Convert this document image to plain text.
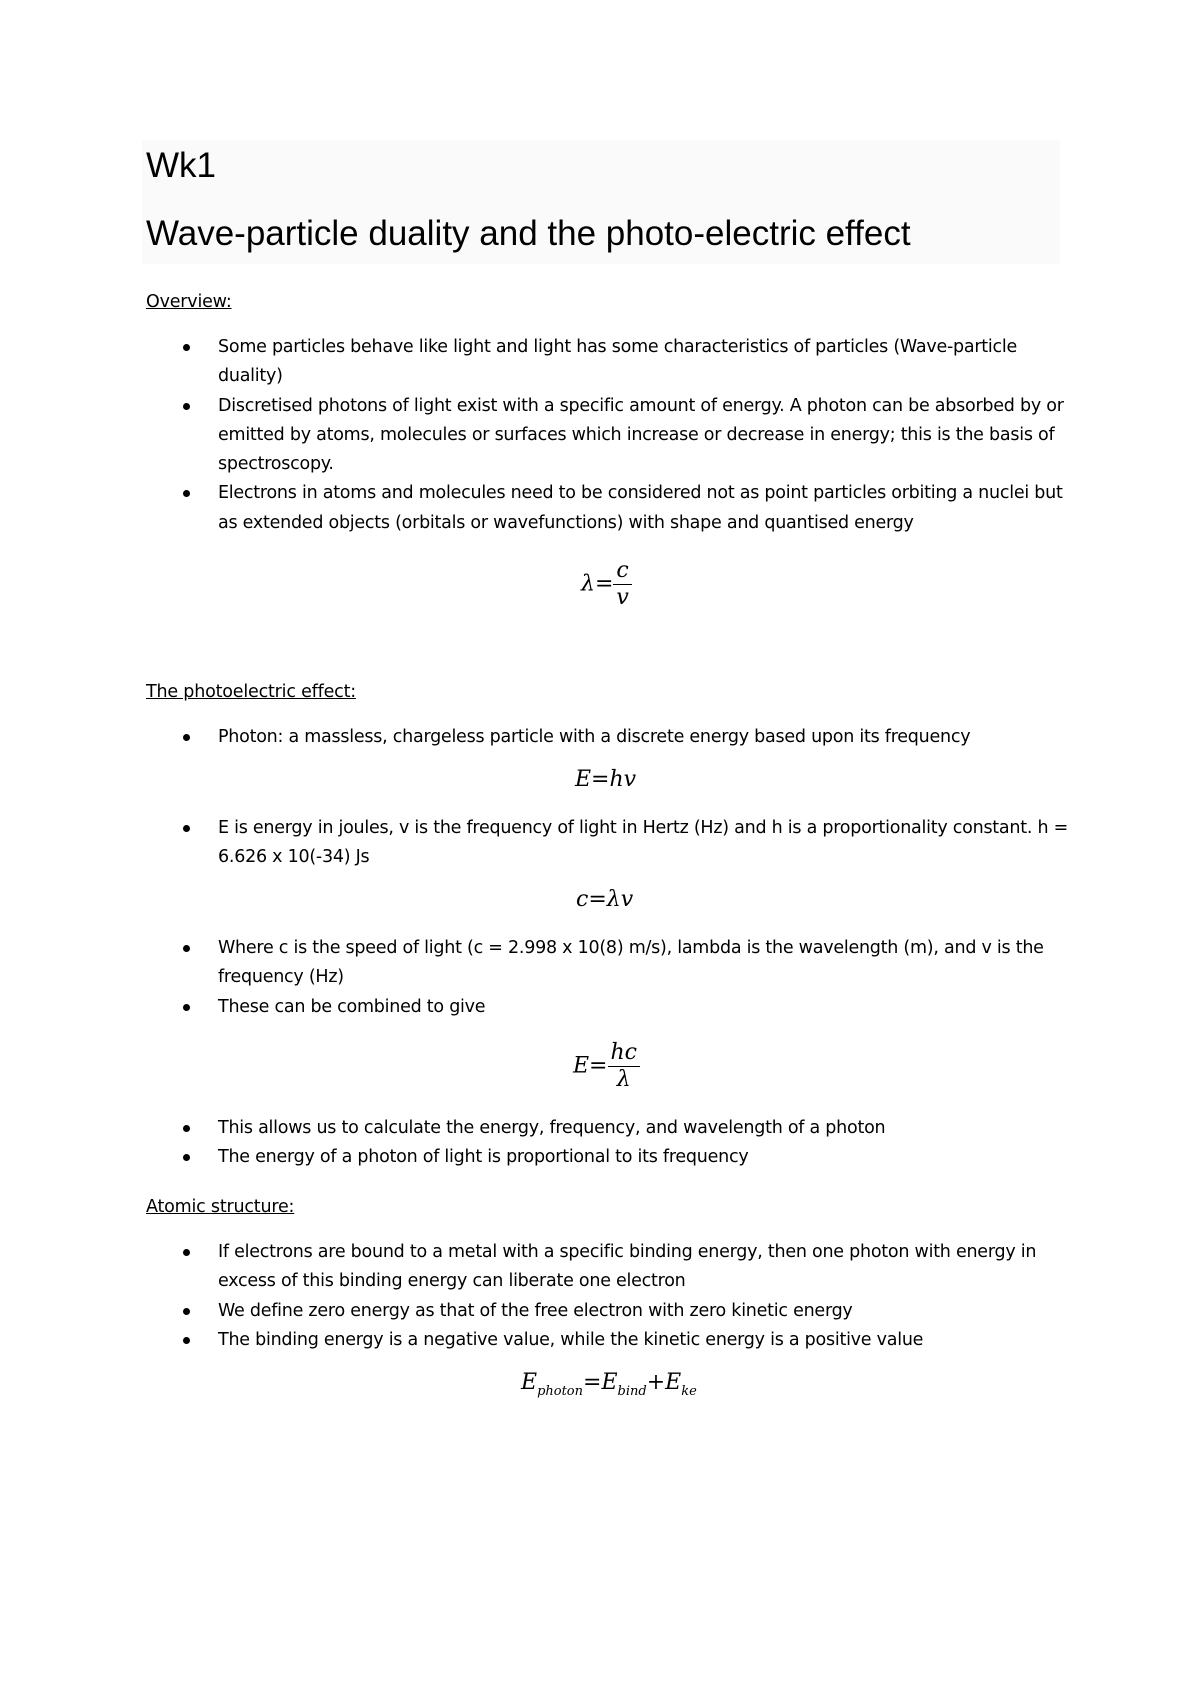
Wk1
Wave-particle duality and the photo-electric effect

Overview:

Some particles behave like light and light has some characteristics of particles (Wave-particle duality)
Discretised photons of light exist with a specific amount of energy. A photon can be absorbed by or emitted by atoms, molecules or surfaces which increase or decrease in energy; this is the basis of spectroscopy.
Electrons in atoms and molecules need to be considered not as point particles orbiting a nuclei but as extended objects (orbitals or wavefunctions) with shape and quantised energy
$\lambda= \frac{c}{v}$

The photoelectric effect:

Photon: a massless, chargeless particle with a discrete energy based upon its frequency
E=hv
E is energy in joules, v is the frequency of light in Hertz (Hz) and h is a proportionality constant. h = 6.626 x 10(-34) Js
c=λv
Where c is the speed of light (c = 2.998 x 10(8) m/s), lambda is the wavelength (m), and v is the frequency (Hz)
These can be combined to give
$E= \frac{hc}{\lambda}$
This allows us to calculate the energy, frequency, and wavelength of a photon
The energy of a photon of light is proportional to its frequency

Atomic structure:

If electrons are bound to a metal with a specific binding energy, then one photon with energy in excess of this binding energy can liberate one electron
We define zero energy as that of the free electron with zero kinetic energy
The binding energy is a negative value, while the kinetic energy is a positive value
$E_{photon}=E_{bind}+E_{ke}$
